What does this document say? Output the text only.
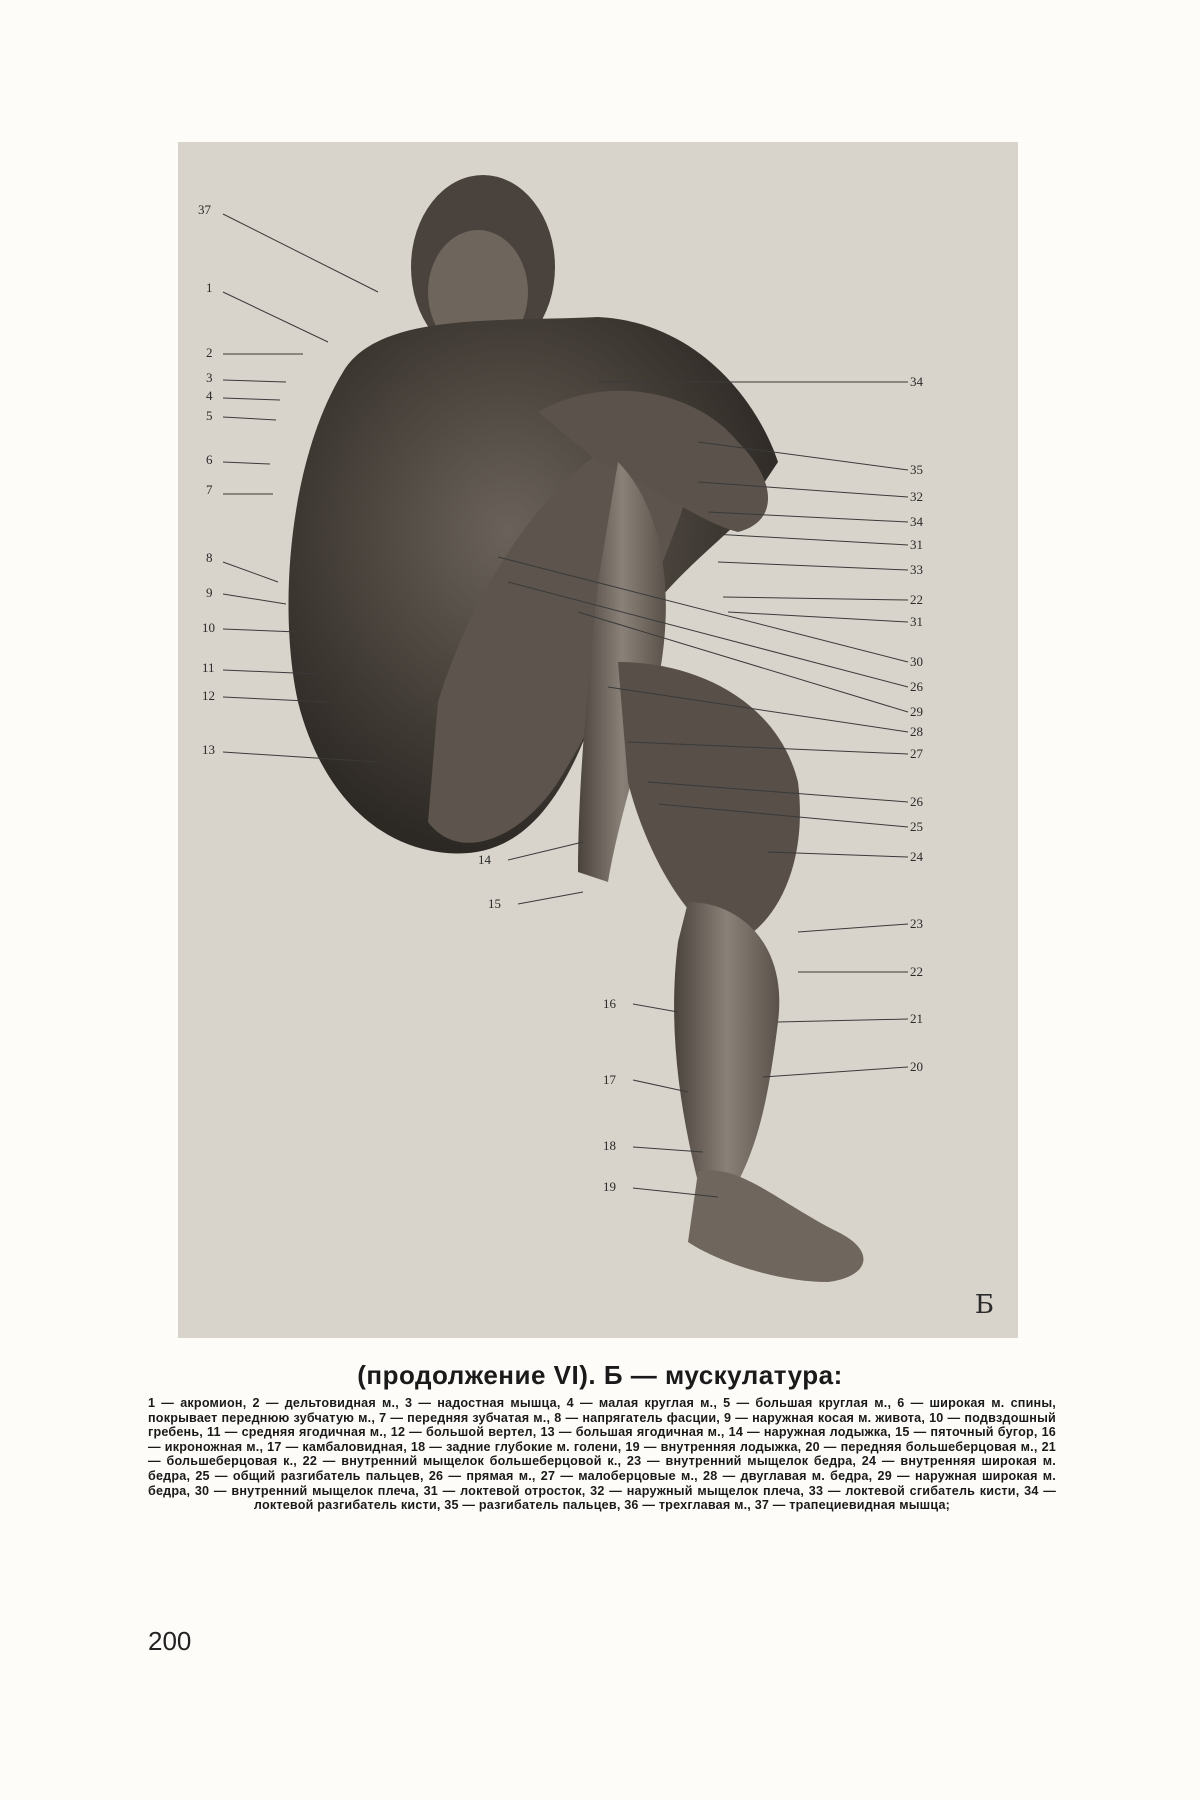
37
1
2
3
4
5
6
7
8
9
10
11
12
13
14
15
16
17
18
19
34
35
32
34
31
33
22
31
30
26
29
28
27
26
25
24
23
22
21
20
Б
(продолжение VI). Б — мускулатура:
1 — акромион, 2 — дельтовидная м., 3 — надостная мышца, 4 — малая круглая м., 5 — большая круглая м., 6 — широкая м. спины, покрывает переднюю зубчатую м., 7 — передняя зубчатая м., 8 — напрягатель фасции, 9 — наружная косая м. живота, 10 — подвздошный гребень, 11 — средняя ягодичная м., 12 — большой вертел, 13 — большая ягодичная м., 14 — наружная лодыжка, 15 — пяточный бугор, 16 — икроножная м., 17 — камбаловидная, 18 — задние глубокие м. голени, 19 — внутренняя лодыжка, 20 — передняя большеберцовая м., 21 — большеберцовая к., 22 — внутренний мыщелок большеберцовой к., 23 — внутренний мыщелок бедра, 24 — внутренняя широкая м. бедра, 25 — общий разгибатель пальцев, 26 — прямая м., 27 — малоберцовые м., 28 — двуглавая м. бедра, 29 — наружная широкая м. бедра, 30 — внутренний мыщелок плеча, 31 — локтевой отросток, 32 — наружный мыщелок плеча, 33 — локтевой сгибатель кисти, 34 — локтевой разгибатель кисти, 35 — разгибатель пальцев, 36 — трехглавая м., 37 — трапециевидная мышца;
200
